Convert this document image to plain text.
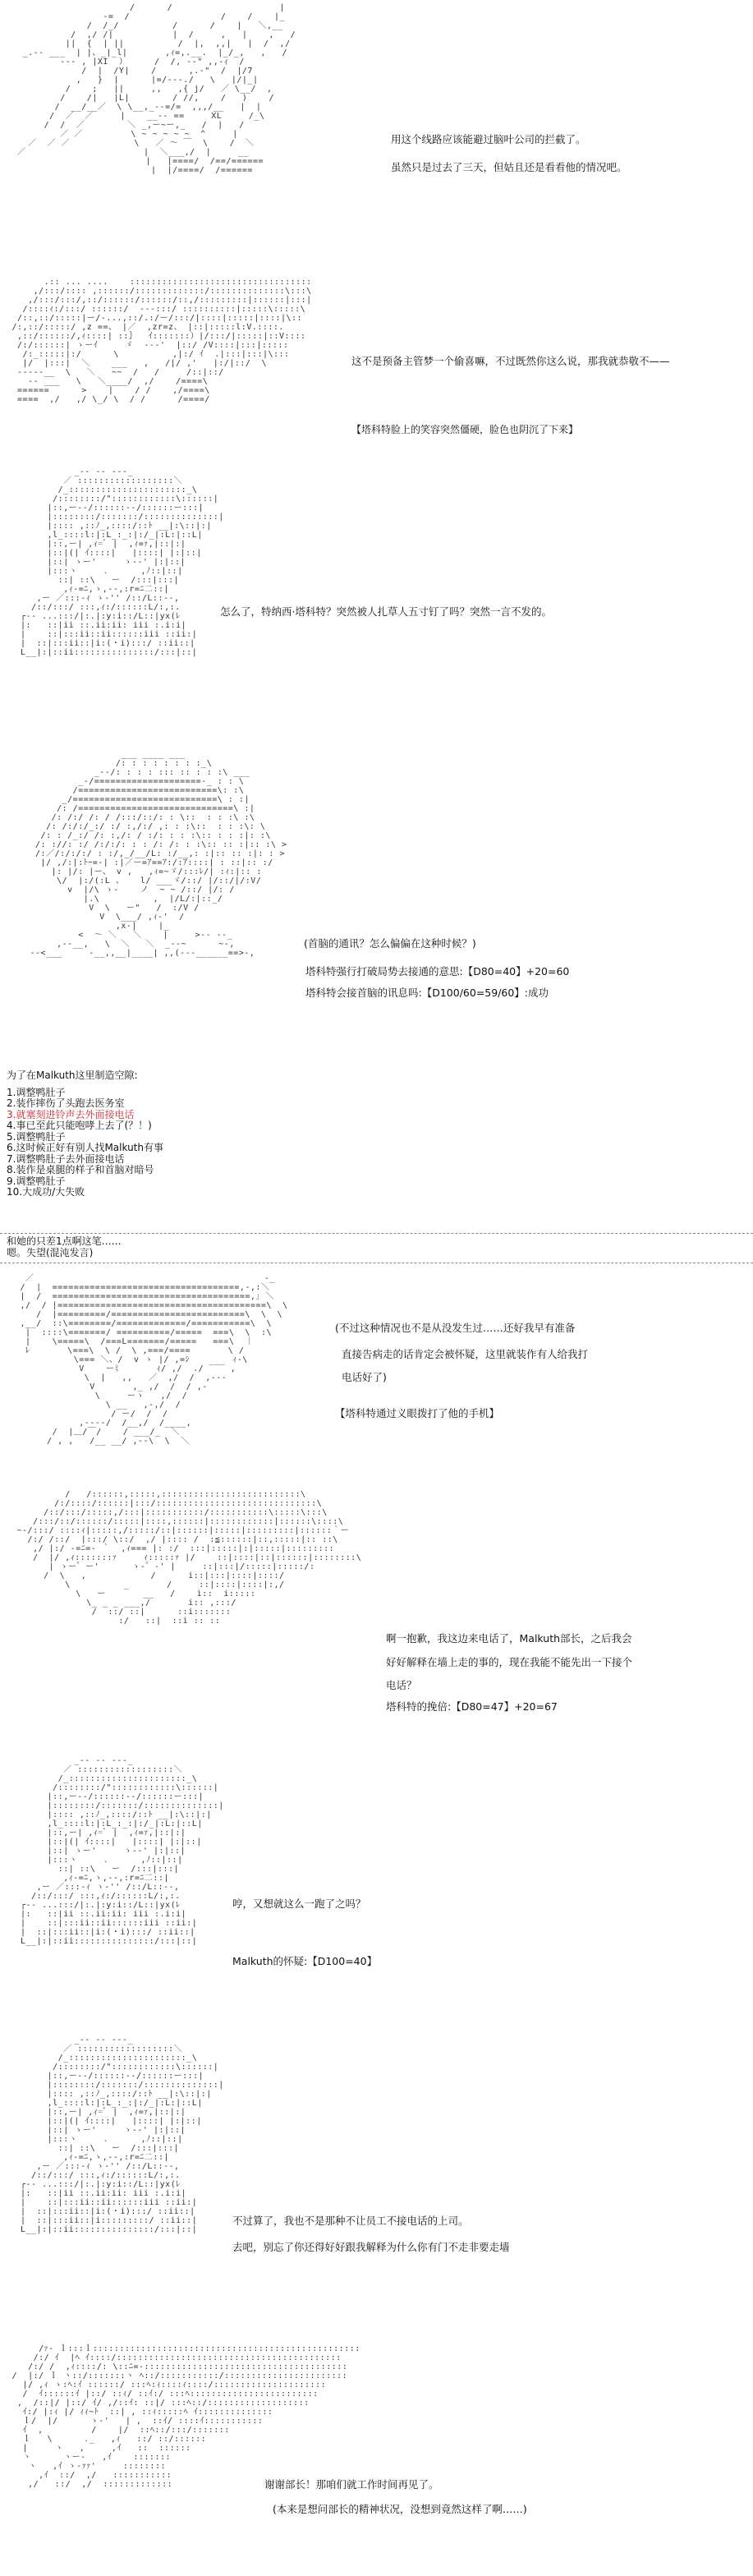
/      /                    |
-=  /                 /    /    |_
/  /_/          /      /    |   ＼,__
/  ,/ /|           |  /     ,   |    ,   /
||  {  | ||          /  |,  ,,|   |  /  ,/
_.-- ___  | |、_|_l|       ,ｨ=,.__.  |_/_,   ,   /
--- , |XI  ）     /  /, --" ,,-ｨ  /
/  |  /Y|    /      ,.-"  /  |/7
,   }  |      |=/---./   \   |/|_|
/    ;   ||     ,,   ,{ j/   ／ \__/  ,
/    /|   |L|        / //,    /   )    /
/  __/__／  \ \__,_--=/=  ,,,/__   |  |
/  ／  ／     |    __-- ==     XL     /_\
/  /  ／        ＼ _,ー~ー,_   /  |   /
／ ／         \ ~ ~ ~ ~ ~  ^     |
／  ／ ／            \   ／ ～ ￣  \    /  ＼
／                      |  ＼___,/  |     __
|   |====/  /==/======
|  |/====/  /======

用这个线路应该能避过脑叶公司的拦截了。
虽然只是过去了三天，但姑且还是看看他的情况吧。
.:: ... ....    ::::::::::::::::::::::::::::::::::
,/:::/:::: ,::::::/:::::::::::::/::::::::::::::\:::\
,/:::/:::/,::/::::::/::::::/::,/:::::::::|::::::|:::|
/::::ｨ:/:::/ ::::::/  ---:::/ ::::::::::|:::::\:::::\
/::,::/:::::|ー/-...,::/.:/ー/:::/|::::|:::::|::::|\::
/:,::/:::::/ ,z ==、 |／  ,zr=z、 |::|:::::l:V.::::.
,::/::::::/,ｨ::::| ::｝  ｲ:::::::）|/:::/|:::::|::V::::
/:/::::::| ゝーｲ     ゞ  ---'  |::/ /V::::|:::|:::::
/:_:::::|:/      \          ,|:/ ｲ  .|:::|:::|\:::
|/  |:::|  ＼    ___   ,   /|/ ,'   |:/|::/  \
-----__  \   ＼   ~~  /   /     /::|::/
-- ___   \   ＼____/  ,/    /====\
======      >    |    / /    ,/====\
====  ,/   ,/ \_/ \  / /      /====/

这不是预备主管梦一个偷喜嘛，不过既然你这么说，那我就恭敬不——
【塔科特脸上的笑容突然僵硬，脸色也阴沉了下来】
_-- -- ---_
／ ::::::::::::::::::＼
/_::::::::::::::::::::::_\
/::::::::/"::::::::::::\::::::|
|::,ー--/::::::--/::::::ー:::|
|::::::::/:::::::/::::::::::::::|
|:::: ,::ﾉ_,::::/::ﾄ __|:\::|:|
,l_::::l:|:L_:_:|:/_|:L:|::L|
|::,ー| ,ｨ=ﾞ |  ,ｨ=ｧ,|::|:|
|::|(| ｲ::::|   |::::| |:|::|
|::| ゝー'     ゝ--' |:|::|
|:::ヽ     ､      ,ﾉ::|::|
::| ::\   ー  /:::|:::|
,ｨ-=ﾆ,ゝ,--,:r=ﾆ二::|
,ー ／:::-ｨ ゝ-'' /::/L::--,
/::/:::/ :::,ｨ:/::::::L/:,:.
┌-- ...:::/|:.|:y:i::/L::|yx(ﾚ
|:   ::|ii ::.ii:ii: iii :.i:i|
|    ::|:::ii::ii::::::iii ::ii:|
|  ::|:::ii::|i:(・i):::/ ::ii::|
L__|:|::ii:::::::::::::::/:::|::|

怎么了，特纳西·塔科特？突然被人扎草人五寸钉了吗？突然一言不发的。
___ ____ ___
/: : : : : : : :_\
_--/: : : : ::: :: : : :\ ___
_-/====================-_ : : \
/==========================\: :\
_/===========================\ : :|
/: /=============================\ :|
/: /:/ /: / /:::/::/: : \::  : : :\ :\
/: /:/:/_:/ :/ :,/:/ ,: : :\::  : : :\: \
/: : /_:/ /: :,/: / :/: : : :\:: : : :|: :\
/: ://: :/ /:/:/: : : /: /: : :\:: :: :|:: :\ >
/:／/:/:/:/ : :/,_/__/L: :/__,: :|:: :: :|: : >
|/ ,/:|:ﾄｰ=-| :|／ー=ｱ==ｱ:/:ｱ::::| : ::|:: :/
|: |/: |ー、 v ,   ,ｨ=~ゞ/:::ﾚ/| :ｨ:|:: :
\/  |:/(:L 、   l/ ___ゞ/::/ |/::/|/:V/
v  |/\ ゝ-    ノ  ~ ~ /::/ |/: /
|.\          ,  |/L/:|::_/
V  \   ー"   /  :/V /
V  \___/ ,ｨ-'  /
,x-|    |_
<  ～ ＼   ＼    |     >-- --_
,--__,   \  ＼   ＼  _--~      ~-,
--<___     -__,,__|____| ,,(---______==>-,

(首脑的通讯？怎么偏偏在这种时候？)
塔科特强行打破局势去接通的意思:【D80=40】+20=60
塔科特会接首脑的讯息吗:【D100/60=59/60】:成功
为了在Malkuth这里制造空隙:
1.调整鸭肚子
2.装作摔伤了头跑去医务室
3.就塞刻进铃声去外面接电话
4.事已至此只能咆哮上去了(？！)
5.调整鸭肚子
6.这时候正好有别人找Malkuth有事
7.调整鸭肚子去外面接电话
8.装作是桌腿的样子和首脑对暗号
9.调整鸭肚子
10.大成功/大失败
和她的只差1点啊这笔……
嗯。失望(混沌发言)
／                                           -_
/  |  ===================================,-,:＼
|  /  =====================================,｣ ＼
,/  / |=======================================\  \
/  |=========/=========================\  \  \
,__/  ::\========/=============/===========\  \
|  ::::\=======/ ==========/=====  ===\  \  :\
|    \=====\  /===L=======/=====   ===\  ｜
ﾚ       \===\  \ /  \ ,===/====       \ /
\=== ＼、/  v ゝ |/ ,=ｼ        ｨ-\
V    ーﾐ       ｨ/ ,/  ./ ‾‾‾ ,
\  |   ,,   ／  ,/  /  ,---
V       ,_ ,/  /  / ,-
\     ーゝ   ,/  /
\ __   ,-,/  /
/ ー/  /  /
,----/  /__,/  /____,
/  |＿/￣/    / ___/_  ＼
/ , ,   /__ __/ ,--\  \  ＼

(不过这种情况也不是从没发生过……还好我早有准备
直接告病走的话肯定会被怀疑，这里就装作有人给我打
电话好了)
【塔科特通过义眼拨打了他的手机】
/   /::::::,:::::,::::::::::::::::::::::::::\
/:/::::/::::::|:::/::::::::::::::::::::::::::::::\
/::/:::/:::::,/:::|:::::::::::/:::::::::::\:::::\:::\
/:::/::/::::::/:::::|::::,::::::|::::::::::::|::::::\::::\
~-/:::/ ::::ｨ|:::::,/:::::/::|::::::|:::::|:::::::::|::::::｀ー
/:/ /::/  |:::/ \::/  ,/ |:::: /  :≦::::::|::,:::::|:: ::\
,/ |:/ -=ﾆ=- ｀  ,ｨ=== |: :/  :::|:::::|:|:::::|:::::::::
/  |/ ,ｨ:::::::ｧ     ｨ:::::ｧ |/    ::|::::|::|::::::|::::::::\
| ゝー゜ー'      ゝ-゜-' |     ::|:::|/:::::|:::::/:
/  \   ,            /      i::|:::|::::|::::/
\          _       /     ::|::::|::::|:,/
\   ー       __   /    i::  i:::::
\_ _ _ ___,/       i:: ,:::/
/  ::/ ::|      ::i:::::::
:/   ::|  ::i :: ::

啊一抱歉，我这边来电话了，Malkuth部长，之后我会
好好解释在墙上走的事的，现在我能不能先出一下接个
电话？
塔科特的挽倍:【D80=47】+20=67
_-- -- ---_
／ ::::::::::::::::::＼
/_::::::::::::::::::::::_\
/::::::::/"::::::::::::\::::::|
|::,ー--/::::::--/::::::ー:::|
|::::::::/:::::::/::::::::::::::|
|:::: ,::ﾉ_,::::/::ﾄ __|:\::|:|
,l_::::l:|:L_:_:|:/_|:L:|::L|
|::,ー| ,ｨ=ﾞ |  ,ｨ=ｧ,|::|:|
|::|(| ｲ::::|   |::::| |:|::|
|::| ゝー'     ゝ--' |:|::|
|:::ヽ     ､      ,ﾉ::|::|
::| ::\   ー  /:::|:::|
,ｨ-=ﾆ,ゝ,--,:r=ﾆ二::|
,ー ／:::-ｨ ゝ-'' /::/L::--,
/::/:::/ :::,ｨ:/::::::L/:,:.
┌-- ...:::/|:.|:y:i::/L::|yx(ﾚ
|:   ::|ii ::.ii:ii: iii :.i:i|
|    ::|:::ii::ii::::::iii ::ii:|
|  ::|:::ii::|i:(・i):::/ ::ii::|
L__|:|::ii:::::::::::::::/:::|::|

哼，又想就这么一跑了之吗？
Malkuth的怀疑:【D100=40】
_-- -- ---_
／ ::::::::::::::::::＼
/_::::::::::::::::::::::_\
/::::::::/"::::::::::::\::::::|
|::,ー--/::::::--/::::::ー:::|
|::::::::/:::::::/::::::::::::::|
|:::: ,::ﾉ_,::::/::ﾄ __|:\::|:|
,l_::::l:|:L_:_:|:/_|:L:|::L|
|::,ー| ,ｨ=ﾞ |  ,ｨ=ｧ,|::|:|
|::|(| ｲ::::|   |::::| |:|::|
|::| ゝー'     ゝ--' |:|::|
|:::ヽ     ､      ,ﾉ::|::|
::| ::\   ー  /:::|:::|
,ｨ-=ﾆ,ゝ,--,:r=ﾆ二::|
,ー ／:::-ｨ ゝ-'' /::/L::--,
/::/:::/ :::,ｨ:/::::::L/:,:.
┌-- ...:::/|:.|:y:i::/L::|yx(ﾚ
|:   ::|ii ::.ii:ii: iii :.i:i|
|    ::|:::ii::ii::::::iii ::ii:|
|  ::|:::ii::|i:(・i):::/ ::ii::|
|  ::|:::ii::|i:::::::::/ ::ii::|
L__|:|::ii:::::::::::::::/:::|::|

不过算了，我也不是那种不让员工不接电话的上司。
去吧，别忘了你还得好好跟我解释为什么你有门不走非要走墙
/ｧ- ｌ:::ｌ::::::::::::::::::::::::::::::::::::::::::::::::::
/:/ ｲ  |ﾍ ｲ::::/::::::::::::::::::::::::::::::::::::::::::
/:/ /  ,ｨ::::/: \::ﾆ=‐::::::::::::::::::::::::::::::::::::::
/  |:/ ｌ ヽ::/:::::::ヽ ﾍ::/:::::::::::/:::::::::::::::::::::::
|/ ,ｨ ゝ:ﾍ:ｲ ::::::/ :::ﾍ:ｨ::::ｨ::::/:::::::::::::::::::::
/  ｲ::::::ｲ |::/ ::ｨ/ ::ｲ:/ :::ﾍ::::::::::::::::::::::::
,  /::|/ |::/ ｲ/ ,/::ｲ: ::|/ :::ﾍ::/:::::::::::::::::::
ｲ:/ |:ｨ |/ ｨｨ~ﾄ  ::| , ::ｨ:::::ﾍ ｲ::::::::::::::
ｌ/  |/      ゝ-'   | ,  ::ｲ/ ::::ｲ:::::::::::
ｲ  ,         /    |/  ::ﾍ::/:::/:::::::
ｌ   \      ､_   ,ｨ   ::/ ::/::::::
|     ヽ   ,     ,ｲ   ::  ::::::
ヽ      ヽー‐   ,ｲ    :::::::
ヽ   ,ｲ ゝ-ｧｧ'     ::::::::
,ｲ  ::/  ,/   :::::::::::
,/   ::/  ,/  :::::::::::::	谢谢部长！那咱们就工作时间再见了。
(本来是想问部长的精神状况，没想到竟然这样了啊……)
